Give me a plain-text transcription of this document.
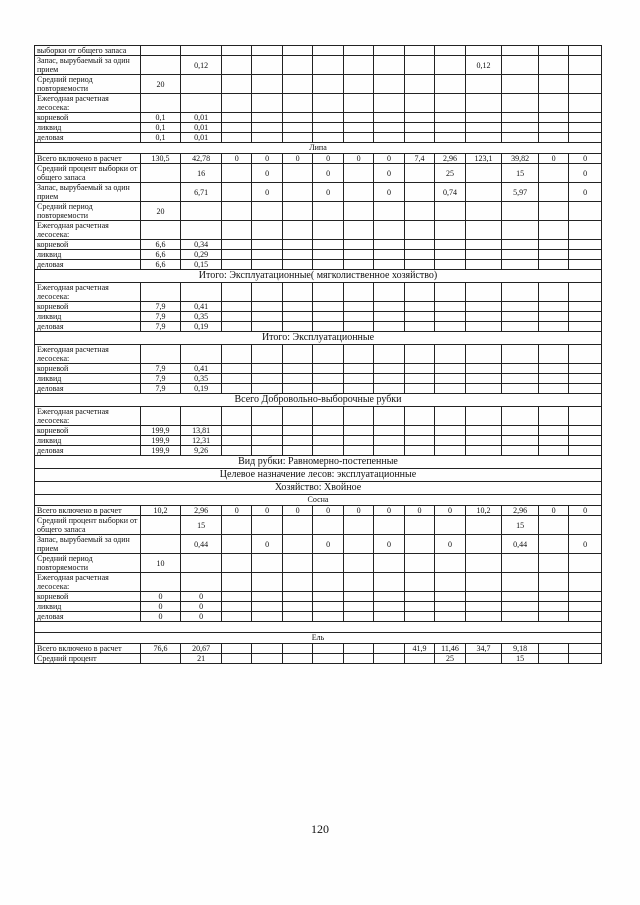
выборки от общего запаса														
Запас, вырубаемый за один прием		0,12									0,12			
Средний период повторяемости	20													
Ежегодная расчетная лесосека:														
корневой	0,1	0,01												
ликвид	0,1	0,01												
деловая	0,1	0,01												
Липа														
Всего включено в расчет	130,5	42,78	0	0	0	0	0	0	7,4	2,96	123,1	39,82	0	0
Средний процент выборки от общего запаса		16		0		0		0		25		15		0
Запас, вырубаемый за один прием		6,71		0		0		0		0,74		5,97		0
Средний период повторяемости	20													
Ежегодная расчетная лесосека:														
корневой	6,6	0,34												
ликвид	6,6	0,29												
деловая	6,6	0,15												
Итого: Эксплуатационные( мягколиственное хозяйство)														
Ежегодная расчетная лесосека:														
корневой	7,9	0,41												
ликвид	7,9	0,35												
деловая	7,9	0,19												
Итого: Эксплуатационные														
Ежегодная расчетная лесосека:														
корневой	7,9	0,41												
ликвид	7,9	0,35												
деловая	7,9	0,19												
Всего Добровольно-выборочные рубки														
Ежегодная расчетная лесосека:														
корневой	199,9	13,81												
ликвид	199,9	12,31												
деловая	199,9	9,26												
Вид рубки: Равномерно-постепенные														
Целевое назначение лесов: эксплуатационные														
Хозяйство: Хвойное														
Сосна														
Всего включено в расчет	10,2	2,96	0	0	0	0	0	0	0	0	10,2	2,96	0	0
Средний процент выборки от общего запаса		15										15		
Запас, вырубаемый за один прием		0,44		0		0		0		0		0,44		0
Средний период повторяемости	10													
Ежегодная расчетная лесосека:														
корневой	0	0												
ликвид	0	0												
деловая	0	0												

Ель														
Всего включено в расчет	76,6	20,67							41,9	11,46	34,7	9,18		
Средний процент		21								25		15		
120
